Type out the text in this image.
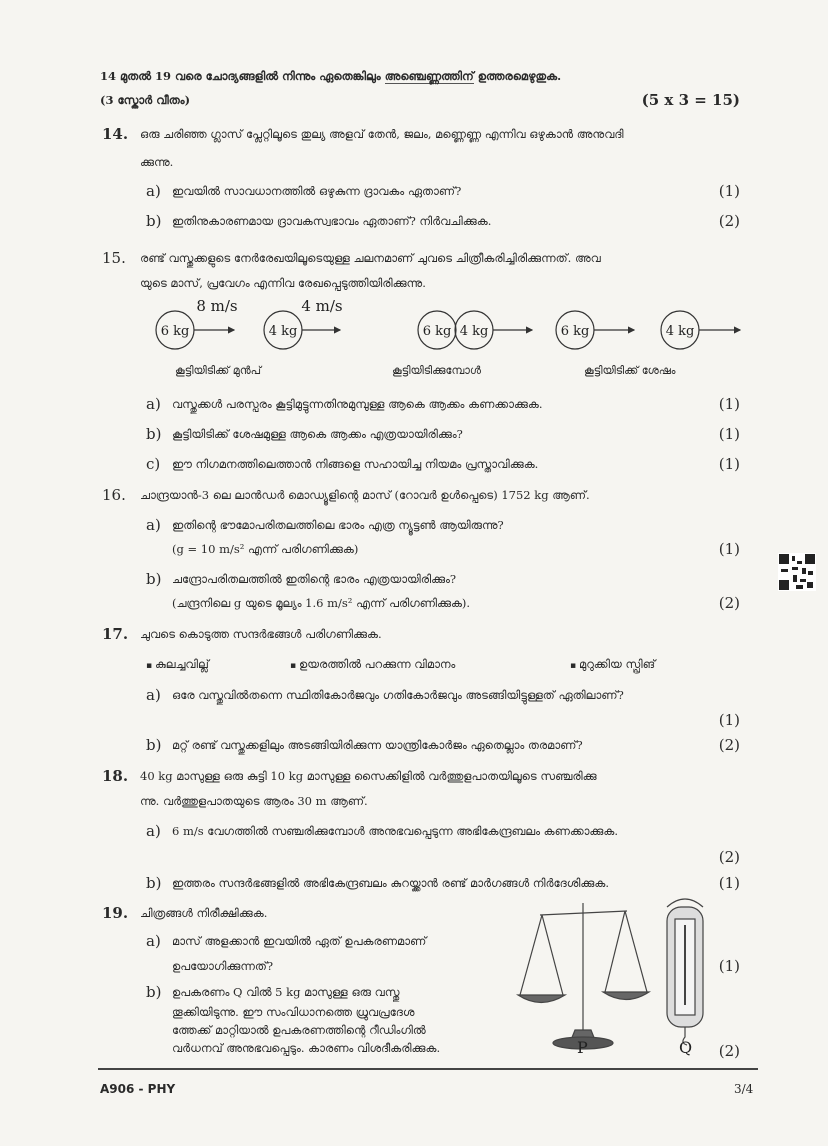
14 മുതൽ 19 വരെ ചോദ്യങ്ങളിൽ നിന്നും ഏതെങ്കിലും അഞ്ചെണ്ണത്തിന് ഉത്തരമെഴുതുക.
(3 സ്കോർ വീതം)	(5 x 3 = 15)
14. ഒരു ചരിഞ്ഞ ഗ്ലാസ് പ്ലേറ്റിലൂടെ തുല്യ അളവ് തേൻ, ജലം, മണ്ണെണ്ണ എന്നിവ ഒഴുകാൻ അനുവദി
ക്കുന്നു.
a) ഇവയിൽ സാവധാനത്തിൽ ഒഴുകുന്ന ദ്രാവകം ഏതാണ്?	(1)
b) ഇതിനുകാരണമായ ദ്രാവകസ്വഭാവം ഏതാണ്? നിർവചിക്കുക.	(2)
15. രണ്ട് വസ്തുക്കളുടെ നേർരേഖയിലൂടെയുള്ള ചലനമാണ് ചുവടെ ചിത്രീകരിച്ചിരിക്കുന്നത്. അവ
യുടെ മാസ്, പ്രവേഗം എന്നിവ രേഖപ്പെടുത്തിയിരിക്കുന്നു.
6 kg	4 kg	6 kg 4 kg	6 kg	4 kg
8 m/s	4 m/s
കൂട്ടിയിടിക്ക് മുൻപ്	കൂട്ടിയിടിക്കുമ്പോൾ	കൂട്ടിയിടിക്ക് ശേഷം
a) വസ്തുക്കൾ പരസ്പരം കൂട്ടിമുട്ടുന്നതിനുമുമ്പുള്ള ആകെ ആക്കം കണക്കാക്കുക.	(1)
b) കൂട്ടിയിടിക്ക് ശേഷമുള്ള ആകെ ആക്കം എത്രയായിരിക്കും?	(1)
c) ഈ നിഗമനത്തിലെത്താൻ നിങ്ങളെ സഹായിച്ച നിയമം പ്രസ്താവിക്കുക.	(1)
16. ചാന്ദ്രയാൻ-3 ലെ ലാൻഡർ മൊഡ്യൂളിന്റെ മാസ് (റോവർ ഉൾപ്പെടെ) 1752 kg ആണ്.
a) ഇതിന്റെ ഭൗമോപരിതലത്തിലെ ഭാരം എത്ര ന്യൂട്ടൺ ആയിരുന്നു?
(g = 10 m/s² എന്ന് പരിഗണിക്കുക)	(1)
b) ചന്ദ്രോപരിതലത്തിൽ ഇതിന്റെ ഭാരം എത്രയായിരിക്കും?
(ചന്ദ്രനിലെ g യുടെ മൂല്യം 1.6 m/s² എന്ന് പരിഗണിക്കുക).	(2)
17. ചുവടെ കൊടുത്ത സന്ദർഭങ്ങൾ പരിഗണിക്കുക.
▪ കുലച്ചവില്ല്	▪ ഉയരത്തിൽ പറക്കുന്ന വിമാനം	▪ മുറുക്കിയ സ്പ്രിങ്
a) ഒരേ വസ്തുവിൽതന്നെ സ്ഥിതികോർജവും ഗതികോർജവും അടങ്ങിയിട്ടുള്ളത് ഏതിലാണ്?
(1)
b) മറ്റ് രണ്ട് വസ്തുക്കളിലും അടങ്ങിയിരിക്കുന്ന യാന്ത്രികോർജം ഏതെല്ലാം തരമാണ്?	(2)
18. 40 kg മാസുള്ള ഒരു കുട്ടി 10 kg മാസുള്ള സൈക്കിളിൽ വർത്തുളപാതയിലൂടെ സഞ്ചരിക്കു
ന്നു. വർത്തുളപാതയുടെ ആരം 30 m ആണ്.
a) 6 m/s വേഗത്തിൽ സഞ്ചരിക്കുമ്പോൾ അനുഭവപ്പെടുന്ന അഭികേന്ദ്രബലം കണക്കാക്കുക.
(2)
b) ഇത്തരം സന്ദർഭങ്ങളിൽ അഭികേന്ദ്രബലം കുറയ്ക്കാൻ രണ്ട് മാർഗങ്ങൾ നിർദേശിക്കുക.	(1)
19. ചിത്രങ്ങൾ നിരീക്ഷിക്കുക.
a) മാസ് അളക്കാൻ ഇവയിൽ ഏത് ഉപകരണമാണ്
ഉപയോഗിക്കുന്നത്?	(1)
b) ഉപകരണം Q വിൽ 5 kg മാസുള്ള ഒരു വസ്തു
തൂക്കിയിടുന്നു. ഈ സംവിധാനത്തെ ധ്രുവപ്രദേശ
ത്തേക്ക് മാറ്റിയാൽ ഉപകരണത്തിന്റെ റീഡിംഗിൽ
വർധനവ് അനുഭവപ്പെടും. കാരണം വിശദീകരിക്കുക.	(2)
P	Q
A906 - PHY	3/4
